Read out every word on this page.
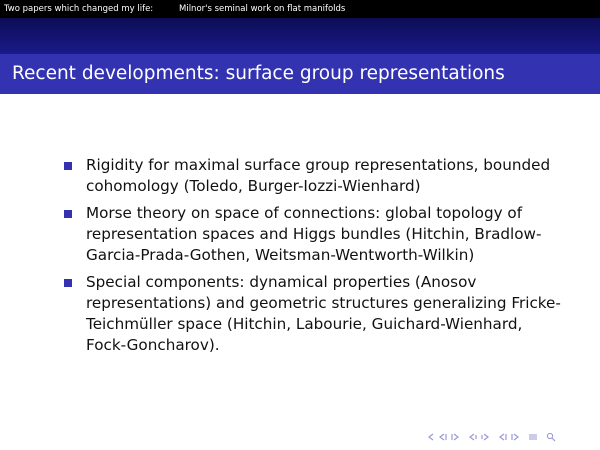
Two papers which changed my life:	Milnor's seminal work on flat manifolds
Recent developments: surface group representations
Rigidity for maximal surface group representations, bounded cohomology (Toledo, Burger-Iozzi-Wienhard)
Morse theory on space of connections: global topology of representation spaces and Higgs bundles (Hitchin, Bradlow-Garcia-Prada-Gothen, Weitsman-Wentworth-Wilkin)
Special components: dynamical properties (Anosov representations) and geometric structures generalizing Fricke-Teichmüller space (Hitchin, Labourie, Guichard-Wienhard, Fock-Goncharov).
